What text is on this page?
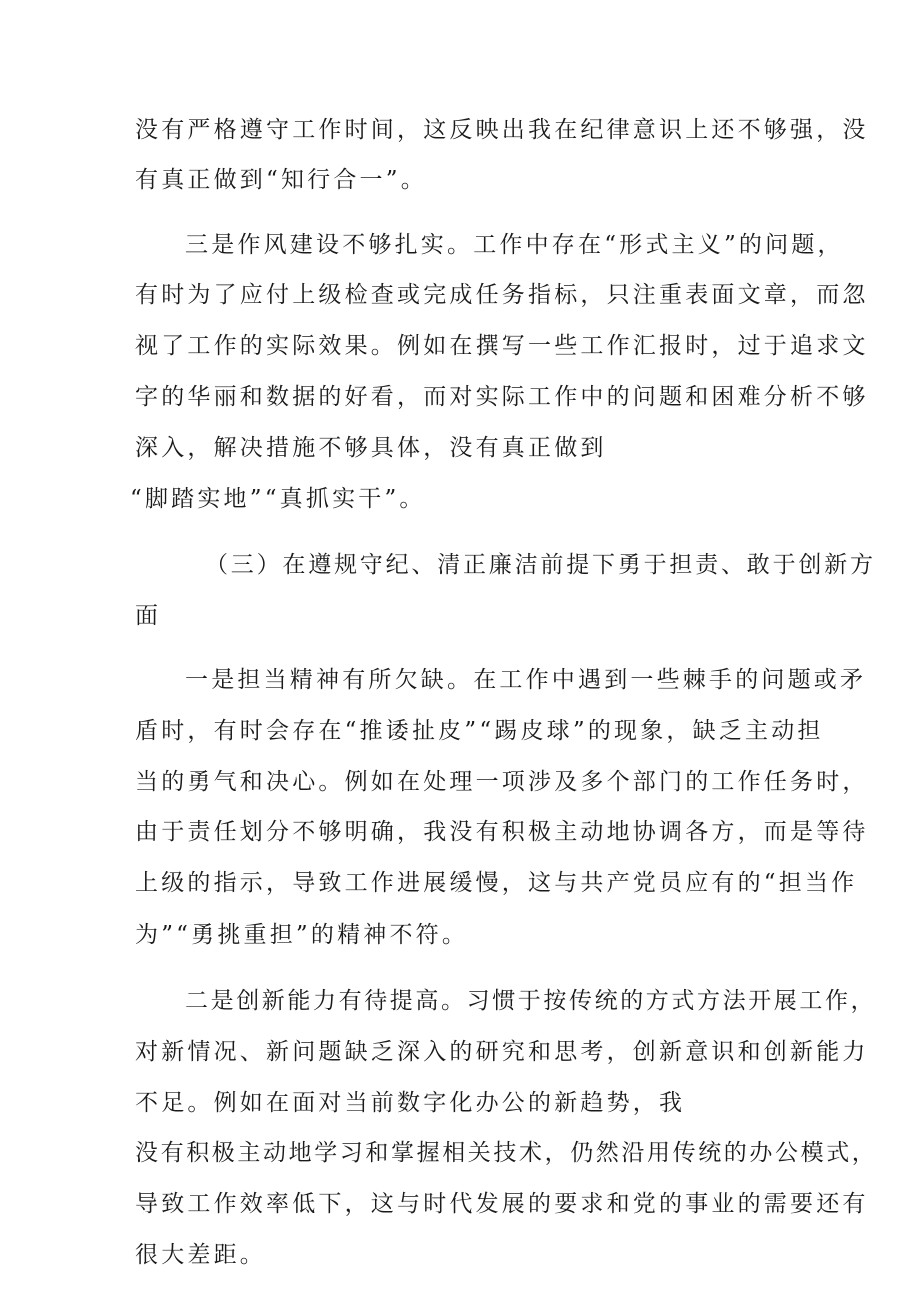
没有严格遵守工作时间，这反映出我在纪律意识上还不够强，没
有真正做到“知行合一”。
三是作风建设不够扎实。工作中存在“形式主义”的问题，
有时为了应付上级检查或完成任务指标，只注重表面文章，而忽
视了工作的实际效果。例如在撰写一些工作汇报时，过于追求文
字的华丽和数据的好看，而对实际工作中的问题和困难分析不够
深入，解决措施不够具体，没有真正做到
“脚踏实地”“真抓实干”。
（三）在遵规守纪、清正廉洁前提下勇于担责、敢于创新方
面
一是担当精神有所欠缺。在工作中遇到一些棘手的问题或矛
盾时，有时会存在“推诿扯皮”“踢皮球”的现象，缺乏主动担
当的勇气和决心。例如在处理一项涉及多个部门的工作任务时，
由于责任划分不够明确，我没有积极主动地协调各方，而是等待
上级的指示，导致工作进展缓慢，这与共产党员应有的“担当作
为”“勇挑重担”的精神不符。
二是创新能力有待提高。习惯于按传统的方式方法开展工作，
对新情况、新问题缺乏深入的研究和思考，创新意识和创新能力
不足。例如在面对当前数字化办公的新趋势，我
没有积极主动地学习和掌握相关技术，仍然沿用传统的办公模式，
导致工作效率低下，这与时代发展的要求和党的事业的需要还有
很大差距。
